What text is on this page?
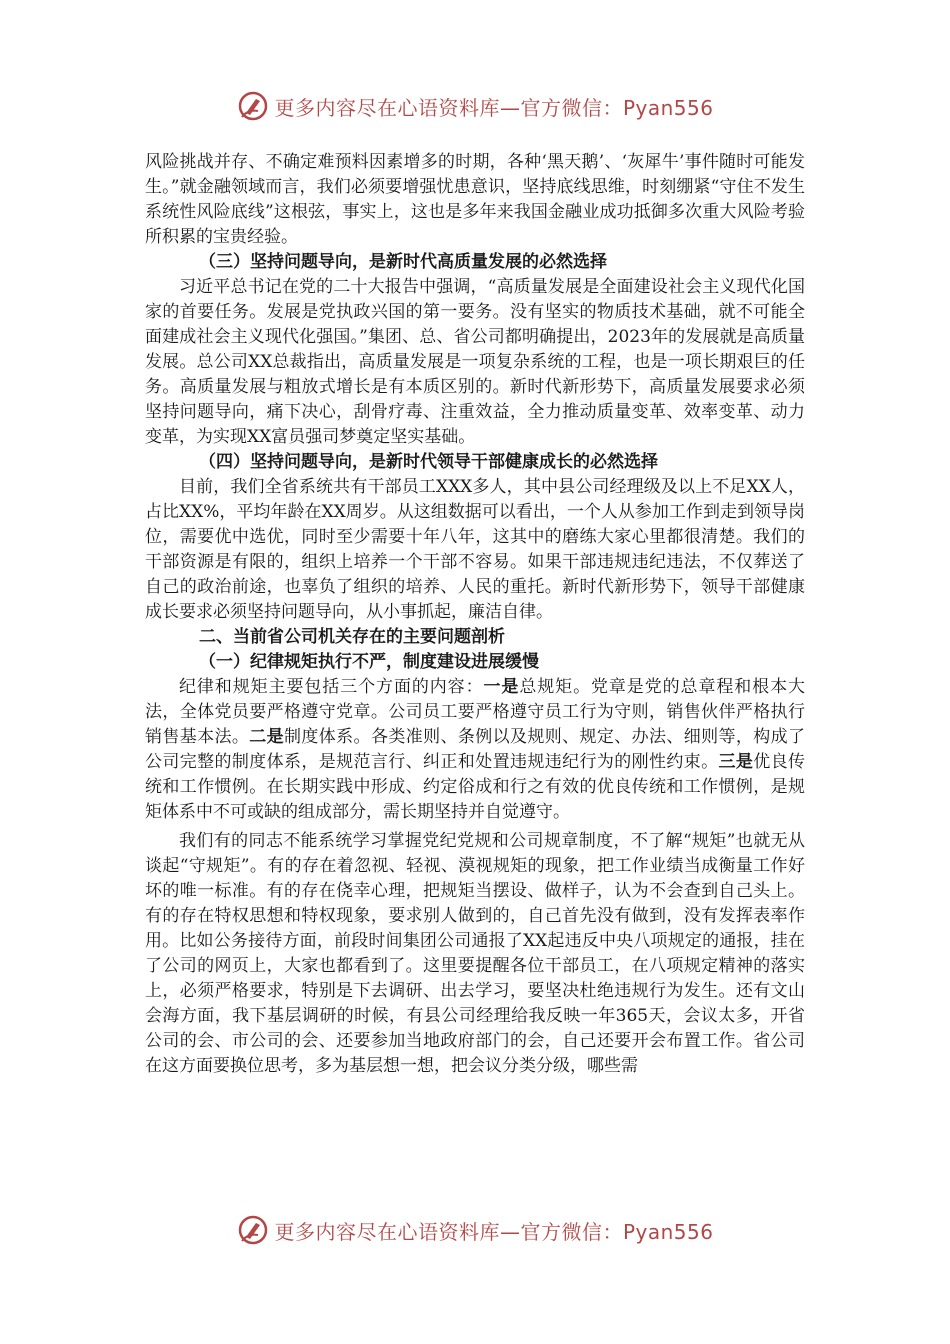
更多内容尽在心语资料库—官方微信：Pyan556

风险挑战并存、不确定难预料因素增多的时期，各种‘黑天鹅’、‘灰犀牛’事件随时可能发生。”就金融领域而言，我们必须要增强忧患意识，坚持底线思维，时刻绷紧“守住不发生系统性风险底线”这根弦，事实上，这也是多年来我国金融业成功抵御多次重大风险考验所积累的宝贵经验。

（三）坚持问题导向，是新时代高质量发展的必然选择

习近平总书记在党的二十大报告中强调，“高质量发展是全面建设社会主义现代化国家的首要任务。发展是党执政兴国的第一要务。没有坚实的物质技术基础，就不可能全面建成社会主义现代化强国。”集团、总、省公司都明确提出，2023年的发展就是高质量发展。总公司XX总裁指出，高质量发展是一项复杂系统的工程，也是一项长期艰巨的任务。高质量发展与粗放式增长是有本质区别的。新时代新形势下，高质量发展要求必须坚持问题导向，痛下决心，刮骨疗毒、注重效益，全力推动质量变革、效率变革、动力变革，为实现XX富员强司梦奠定坚实基础。

（四）坚持问题导向，是新时代领导干部健康成长的必然选择

目前，我们全省系统共有干部员工XXX多人，其中县公司经理级及以上不足XX人，占比XX%，平均年龄在XX周岁。从这组数据可以看出，一个人从参加工作到走到领导岗位，需要优中选优，同时至少需要十年八年，这其中的磨练大家心里都很清楚。我们的干部资源是有限的，组织上培养一个干部不容易。如果干部违规违纪违法，不仅葬送了自己的政治前途，也辜负了组织的培养、人民的重托。新时代新形势下，领导干部健康成长要求必须坚持问题导向，从小事抓起，廉洁自律。

二、当前省公司机关存在的主要问题剖析

（一）纪律规矩执行不严，制度建设进展缓慢

纪律和规矩主要包括三个方面的内容：一是总规矩。党章是党的总章程和根本大法，全体党员要严格遵守党章。公司员工要严格遵守员工行为守则，销售伙伴严格执行销售基本法。二是制度体系。各类准则、条例以及规则、规定、办法、细则等，构成了公司完整的制度体系，是规范言行、纠正和处置违规违纪行为的刚性约束。三是优良传统和工作惯例。在长期实践中形成、约定俗成和行之有效的优良传统和工作惯例，是规矩体系中不可或缺的组成部分，需长期坚持并自觉遵守。

我们有的同志不能系统学习掌握党纪党规和公司规章制度，不了解“规矩”也就无从谈起“守规矩”。有的存在着忽视、轻视、漠视规矩的现象，把工作业绩当成衡量工作好坏的唯一标准。有的存在侥幸心理，把规矩当摆设、做样子，认为不会查到自己头上。有的存在特权思想和特权现象，要求别人做到的，自己首先没有做到，没有发挥表率作用。比如公务接待方面，前段时间集团公司通报了XX起违反中央八项规定的通报，挂在了公司的网页上，大家也都看到了。这里要提醒各位干部员工，在八项规定精神的落实上，必须严格要求，特别是下去调研、出去学习，要坚决杜绝违规行为发生。还有文山会海方面，我下基层调研的时候，有县公司经理给我反映一年365天，会议太多，开省公司的会、市公司的会、还要参加当地政府部门的会，自己还要开会布置工作。省公司在这方面要换位思考，多为基层想一想，把会议分类分级，哪些需

更多内容尽在心语资料库—官方微信：Pyan556
